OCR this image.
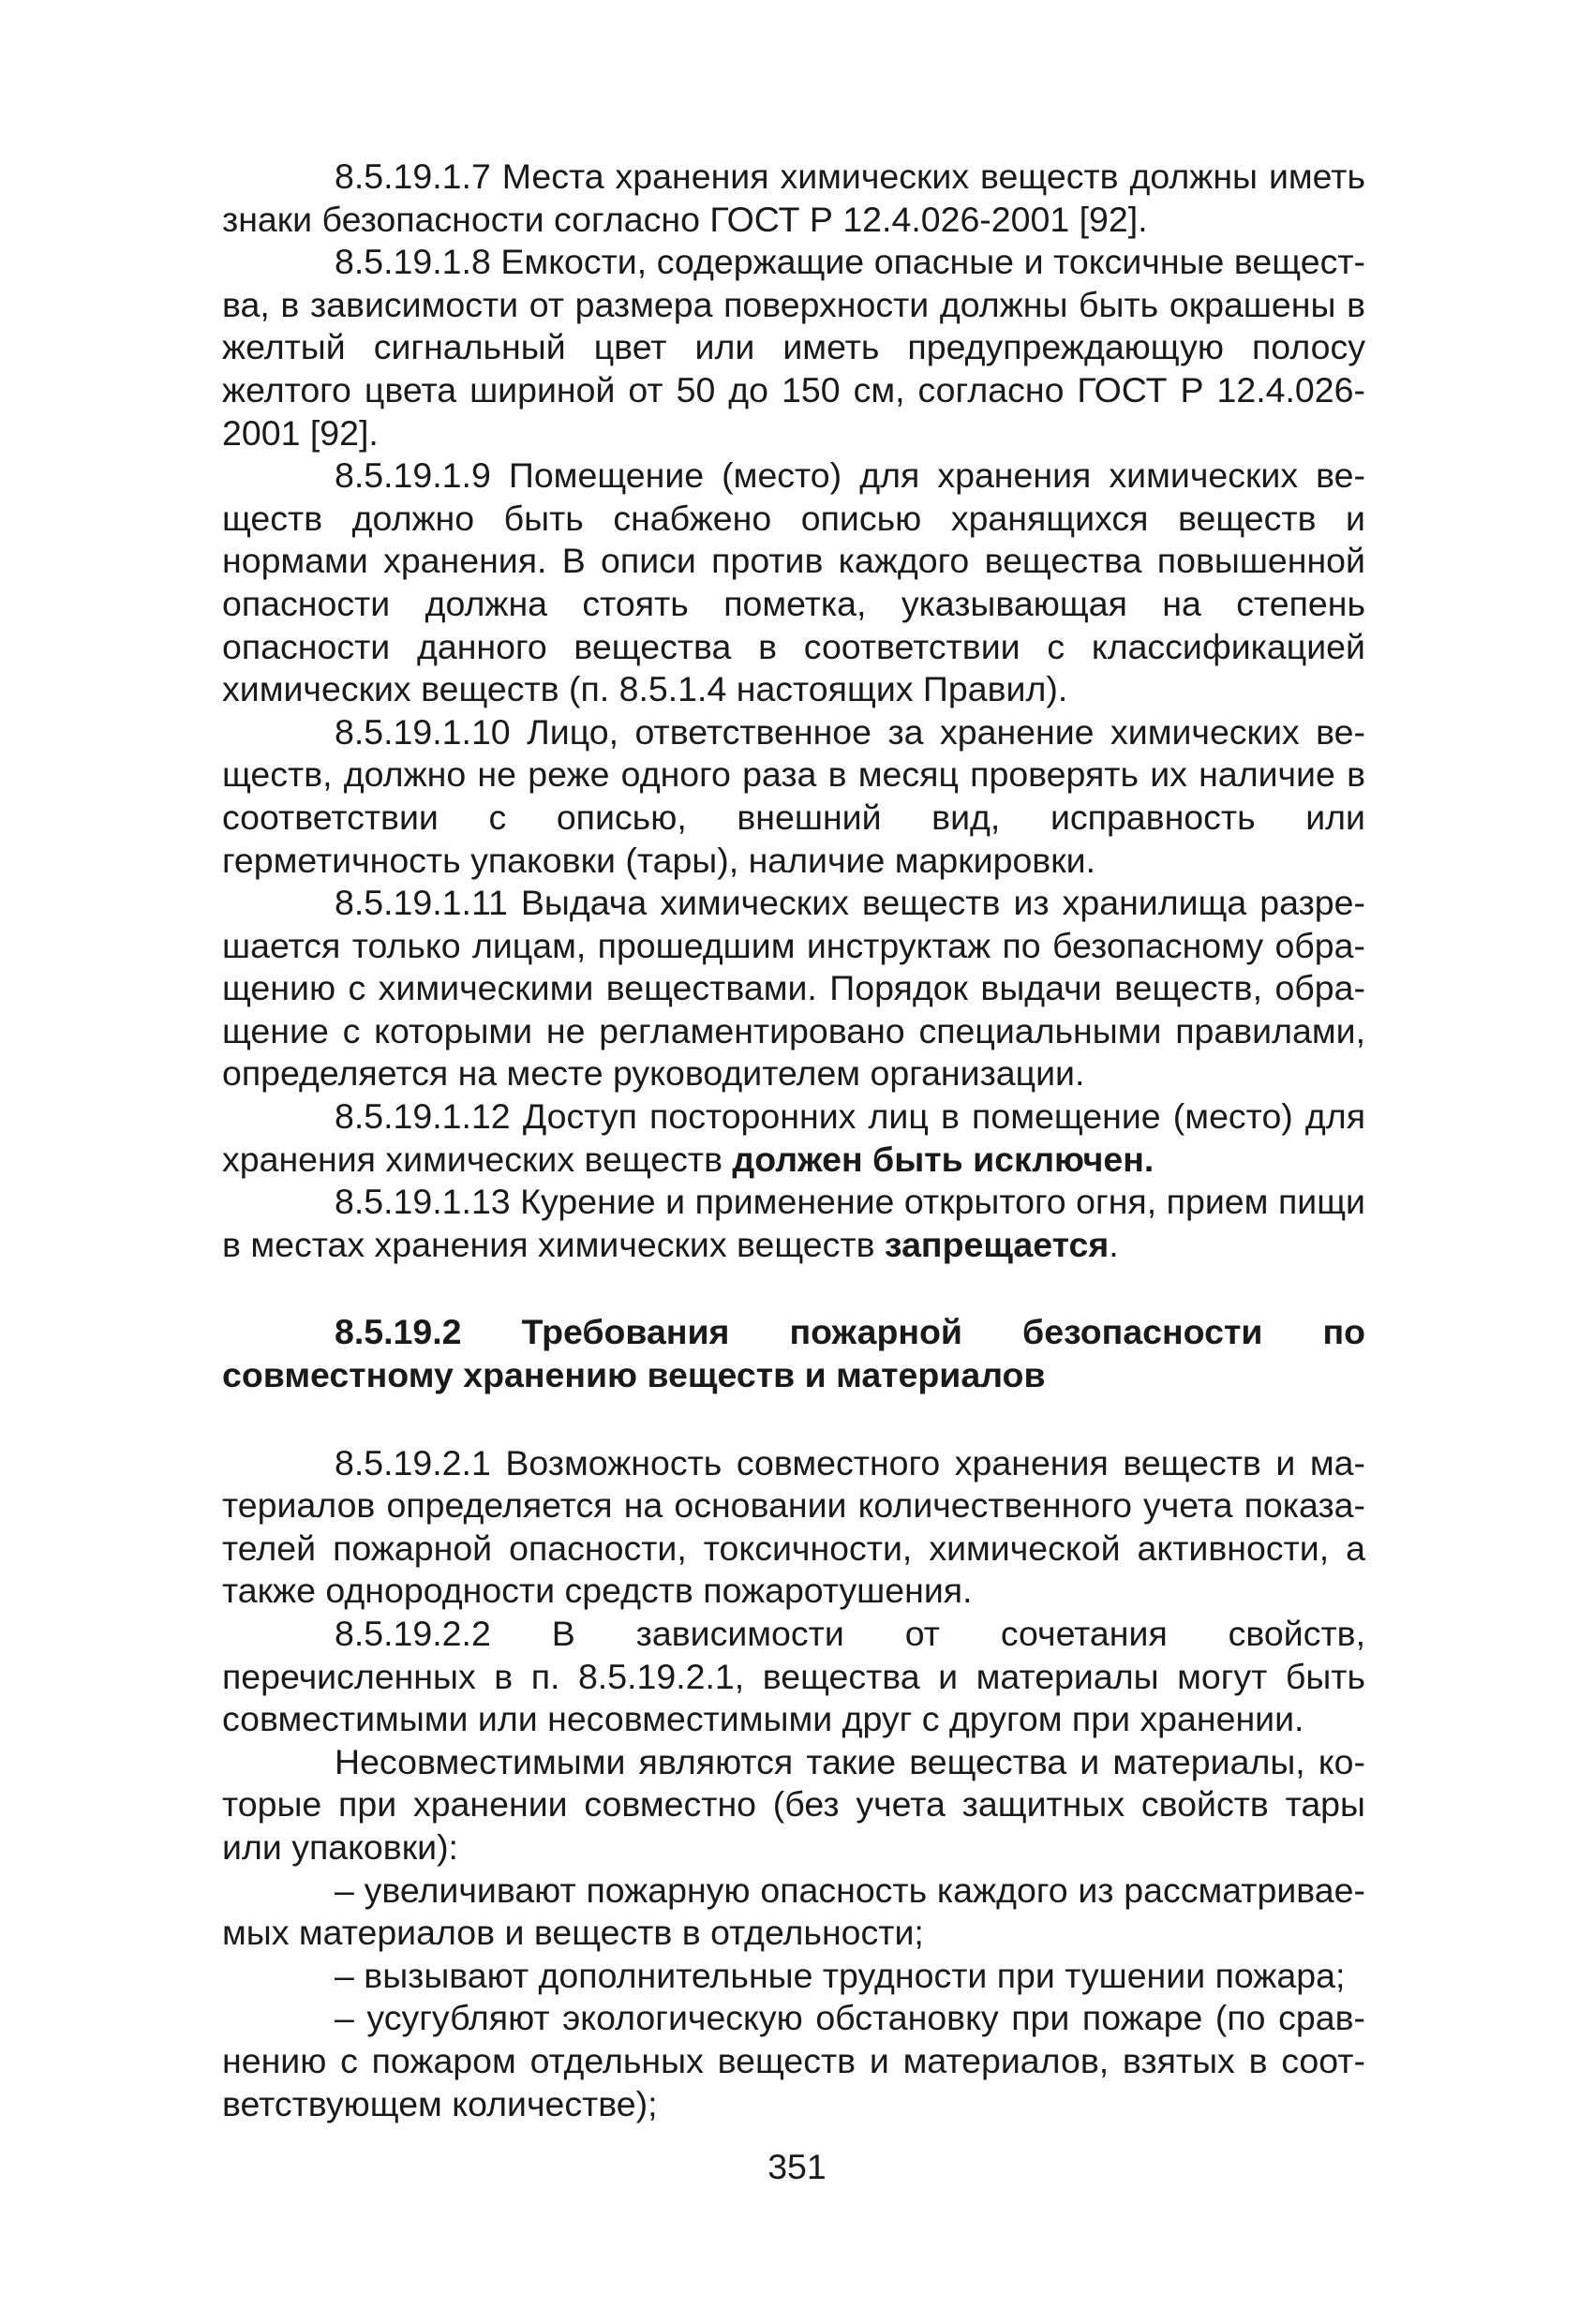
8.5.19.1.7 Места хранения химических веществ должны иметь знаки безопасности согласно ГОСТ Р 12.4.026-2001 [92].

8.5.19.1.8 Емкости, содержащие опасные и токсичные вещества, в зависимости от размера поверхности должны быть окрашены в желтый сигнальный цвет или иметь предупреждающую полосу желтого цвета шириной от 50 до 150 см, согласно ГОСТ Р 12.4.026-2001 [92].

8.5.19.1.9 Помещение (место) для хранения химических веществ должно быть снабжено описью хранящихся веществ и нормами хранения. В описи против каждого вещества повышенной опасности должна стоять пометка, указывающая на степень опасности данного вещества в соответствии с классификацией химических веществ (п. 8.5.1.4 настоящих Правил).

8.5.19.1.10 Лицо, ответственное за хранение химических веществ, должно не реже одного раза в месяц проверять их наличие в соответствии с описью, внешний вид, исправность или герметичность упаковки (тары), наличие маркировки.

8.5.19.1.11 Выдача химических веществ из хранилища разрешается только лицам, прошедшим инструктаж по безопасному обращению с химическими веществами. Порядок выдачи веществ, обращение с которыми не регламентировано специальными правилами, определяется на месте руководителем организации.

8.5.19.1.12 Доступ посторонних лиц в помещение (место) для хранения химических веществ должен быть исключен.

8.5.19.1.13 Курение и применение открытого огня, прием пищи в местах хранения химических веществ запрещается.

8.5.19.2 Требования пожарной безопасности по совместному хранению веществ и материалов

8.5.19.2.1 Возможность совместного хранения веществ и материалов определяется на основании количественного учета показателей пожарной опасности, токсичности, химической активности, а также однородности средств пожаротушения.

8.5.19.2.2 В зависимости от сочетания свойств, перечисленных в п. 8.5.19.2.1, вещества и материалы могут быть совместимыми или несовместимыми друг с другом при хранении.

Несовместимыми являются такие вещества и материалы, которые при хранении совместно (без учета защитных свойств тары или упаковки):

– увеличивают пожарную опасность каждого из рассматриваемых материалов и веществ в отдельности;

– вызывают дополнительные трудности при тушении пожара;

– усугубляют экологическую обстановку при пожаре (по сравнению с пожаром отдельных веществ и материалов, взятых в соответствующем количестве);

351
